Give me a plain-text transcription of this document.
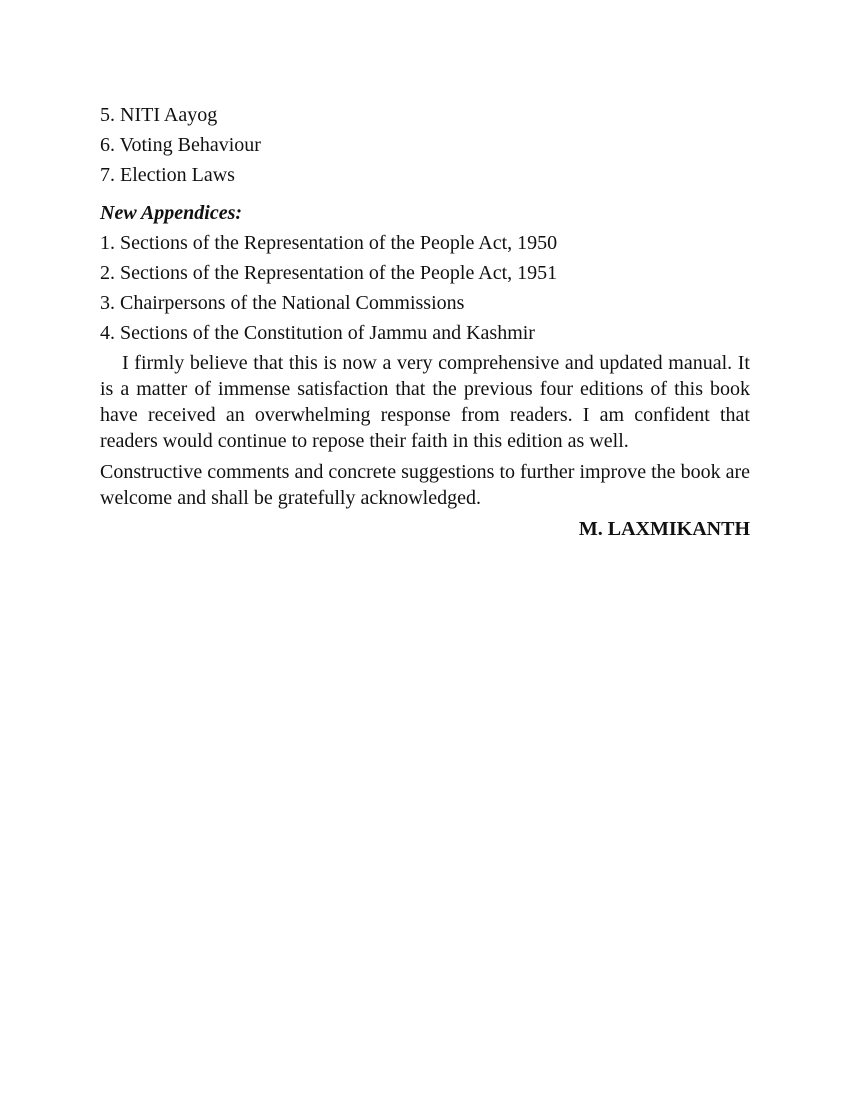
5. NITI Aayog
6. Voting Behaviour
7. Election Laws

New Appendices:

1. Sections of the Representation of the People Act, 1950
2. Sections of the Representation of the People Act, 1951
3. Chairpersons of the National Commissions
4. Sections of the Constitution of Jammu and Kashmir

I firmly believe that this is now a very comprehensive and updated manual. It is a matter of immense satisfaction that the previous four editions of this book have received an overwhelming response from readers. I am confident that readers would continue to repose their faith in this edition as well.

Constructive comments and concrete suggestions to further improve the book are welcome and shall be gratefully acknowledged.

M. LAXMIKANTH
